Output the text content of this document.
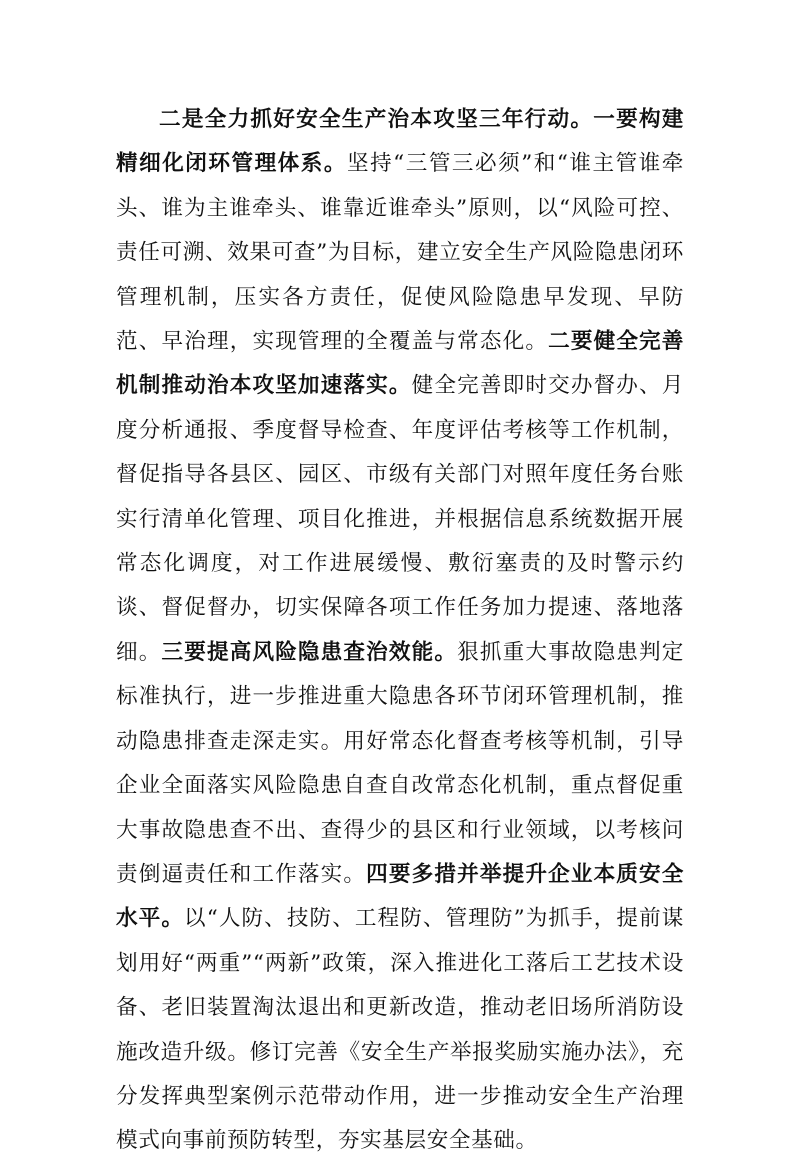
二是全力抓好安全生产治本攻坚三年行动。一要构建精细化闭环管理体系。坚持“三管三必须”和“谁主管谁牵头、谁为主谁牵头、谁靠近谁牵头”原则，以“风险可控、责任可溯、效果可查”为目标，建立安全生产风险隐患闭环管理机制，压实各方责任，促使风险隐患早发现、早防范、早治理，实现管理的全覆盖与常态化。二要健全完善机制推动治本攻坚加速落实。健全完善即时交办督办、月度分析通报、季度督导检查、年度评估考核等工作机制，督促指导各县区、园区、市级有关部门对照年度任务台账实行清单化管理、项目化推进，并根据信息系统数据开展常态化调度，对工作进展缓慢、敷衍塞责的及时警示约谈、督促督办，切实保障各项工作任务加力提速、落地落细。三要提高风险隐患查治效能。狠抓重大事故隐患判定标准执行，进一步推进重大隐患各环节闭环管理机制，推动隐患排查走深走实。用好常态化督查考核等机制，引导企业全面落实风险隐患自查自改常态化机制，重点督促重大事故隐患查不出、查得少的县区和行业领域，以考核问责倒逼责任和工作落实。四要多措并举提升企业本质安全水平。以“人防、技防、工程防、管理防”为抓手，提前谋划用好“两重”“两新”政策，深入推进化工落后工艺技术设备、老旧装置淘汰退出和更新改造，推动老旧场所消防设施改造升级。修订完善《安全生产举报奖励实施办法》，充分发挥典型案例示范带动作用，进一步推动安全生产治理模式向事前预防转型，夯实基层安全基础。
